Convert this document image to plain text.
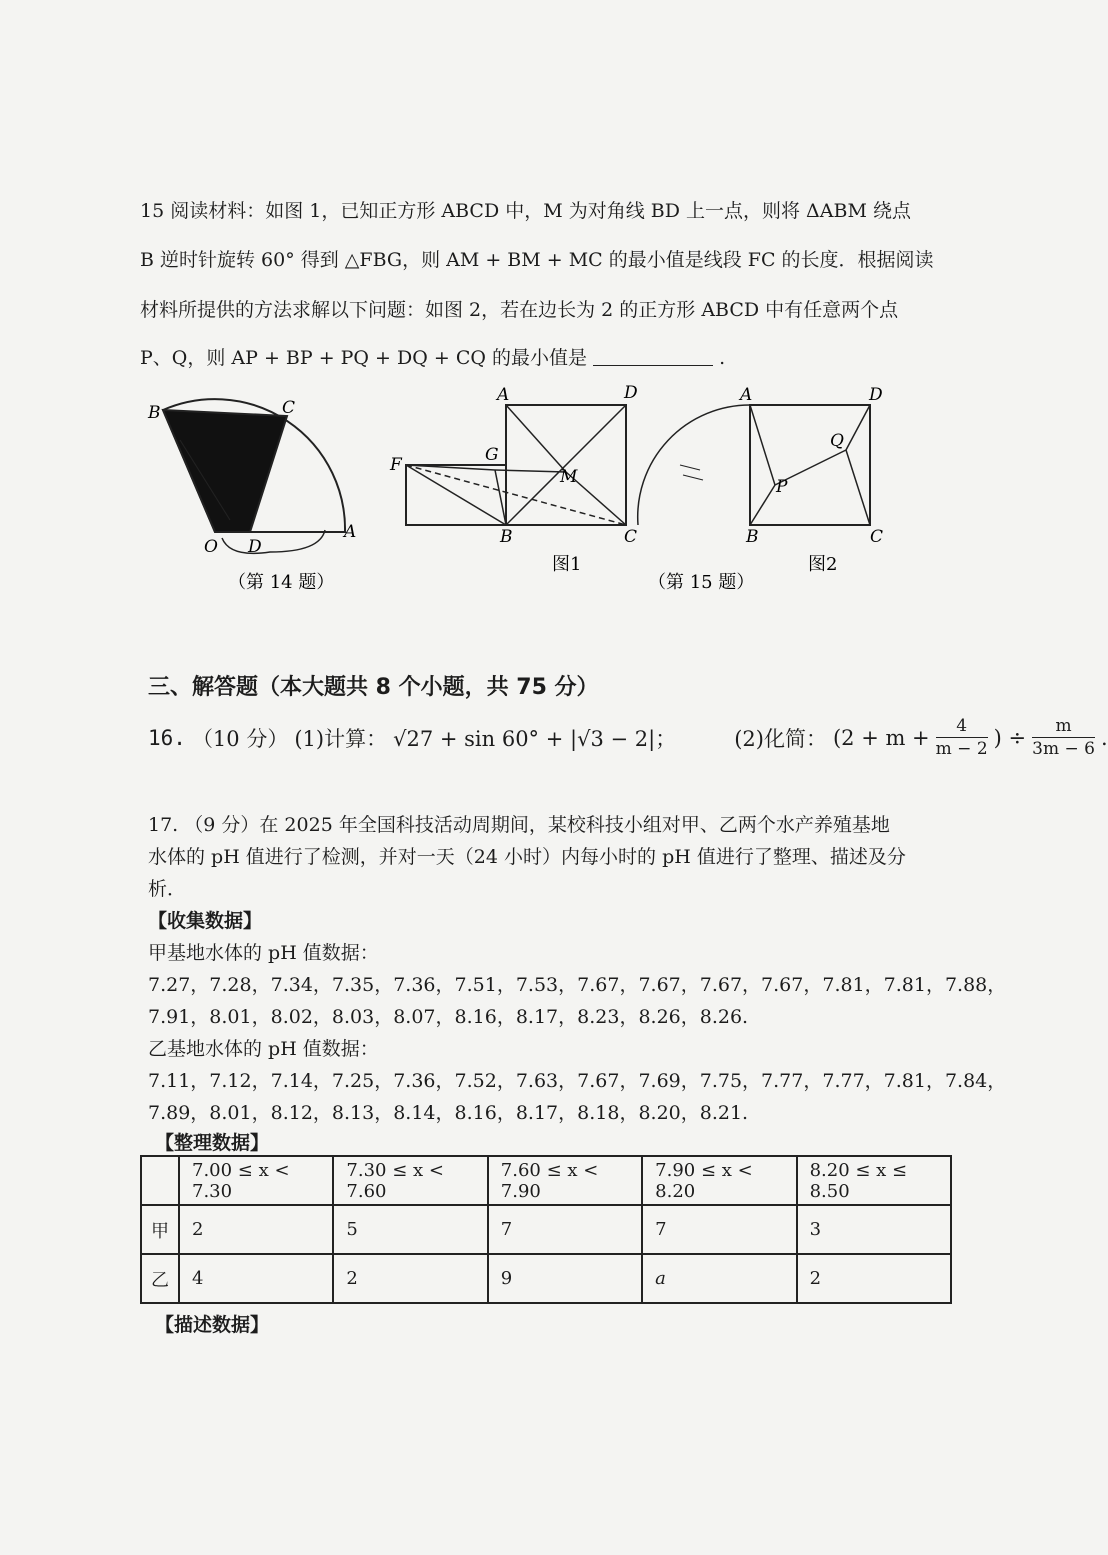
15 阅读材料：如图 1，已知正方形 ABCD 中，M 为对角线 BD 上一点，则将 ΔABM 绕点
B 逆时针旋转 60° 得到 △FBG，则 AM + BM + MC 的最小值是线段 FC 的长度．根据阅读
材料所提供的方法求解以下问题：如图 2，若在边长为 2 的正方形 ABCD 中有任意两个点
P、Q，则 AP + BP + PQ + DQ + CQ 的最小值是	.
B	C
O D
A
（第 14 题）
A	D
F	G
M
B	C
图1
A	D
Q
P
B	C
图2
（第 15 题）
三、解答题（本大题共 8 个小题，共 75 分）
16. （10 分） (1)计算： √27 + sin 60° + |√3 − 2|；	(2)化简： ($2 + m + \frac{4}{m - 2}$ ) ÷ $\frac{m}{3m - 6}$ .
17. （9 分）在 2025 年全国科技活动周期间，某校科技小组对甲、乙两个水产养殖基地
水体的 pH 值进行了检测，并对一天（24 小时）内每小时的 pH 值进行了整理、描述及分
析．
【收集数据】
甲基地水体的 pH 值数据：
7.27，7.28，7.34，7.35，7.36，7.51，7.53，7.67，7.67，7.67，7.67，7.81，7.81，7.88，
7.91，8.01，8.02，8.03，8.07，8.16，8.17，8.23，8.26，8.26.
乙基地水体的 pH 值数据：
7.11，7.12，7.14，7.25，7.36，7.52，7.63，7.67，7.69，7.75，7.77，7.77，7.81，7.84，
7.89，8.01，8.12，8.13，8.14，8.16，8.17，8.18，8.20，8.21.
【整理数据】
	7.00 ≤ x < 7.30	7.30 ≤ x < 7.60	7.60 ≤ x < 7.90	7.90 ≤ x < 8.20	8.20 ≤ x ≤ 8.50
甲	2	5	7	7	3
乙	4	2	9	a	2
【描述数据】
